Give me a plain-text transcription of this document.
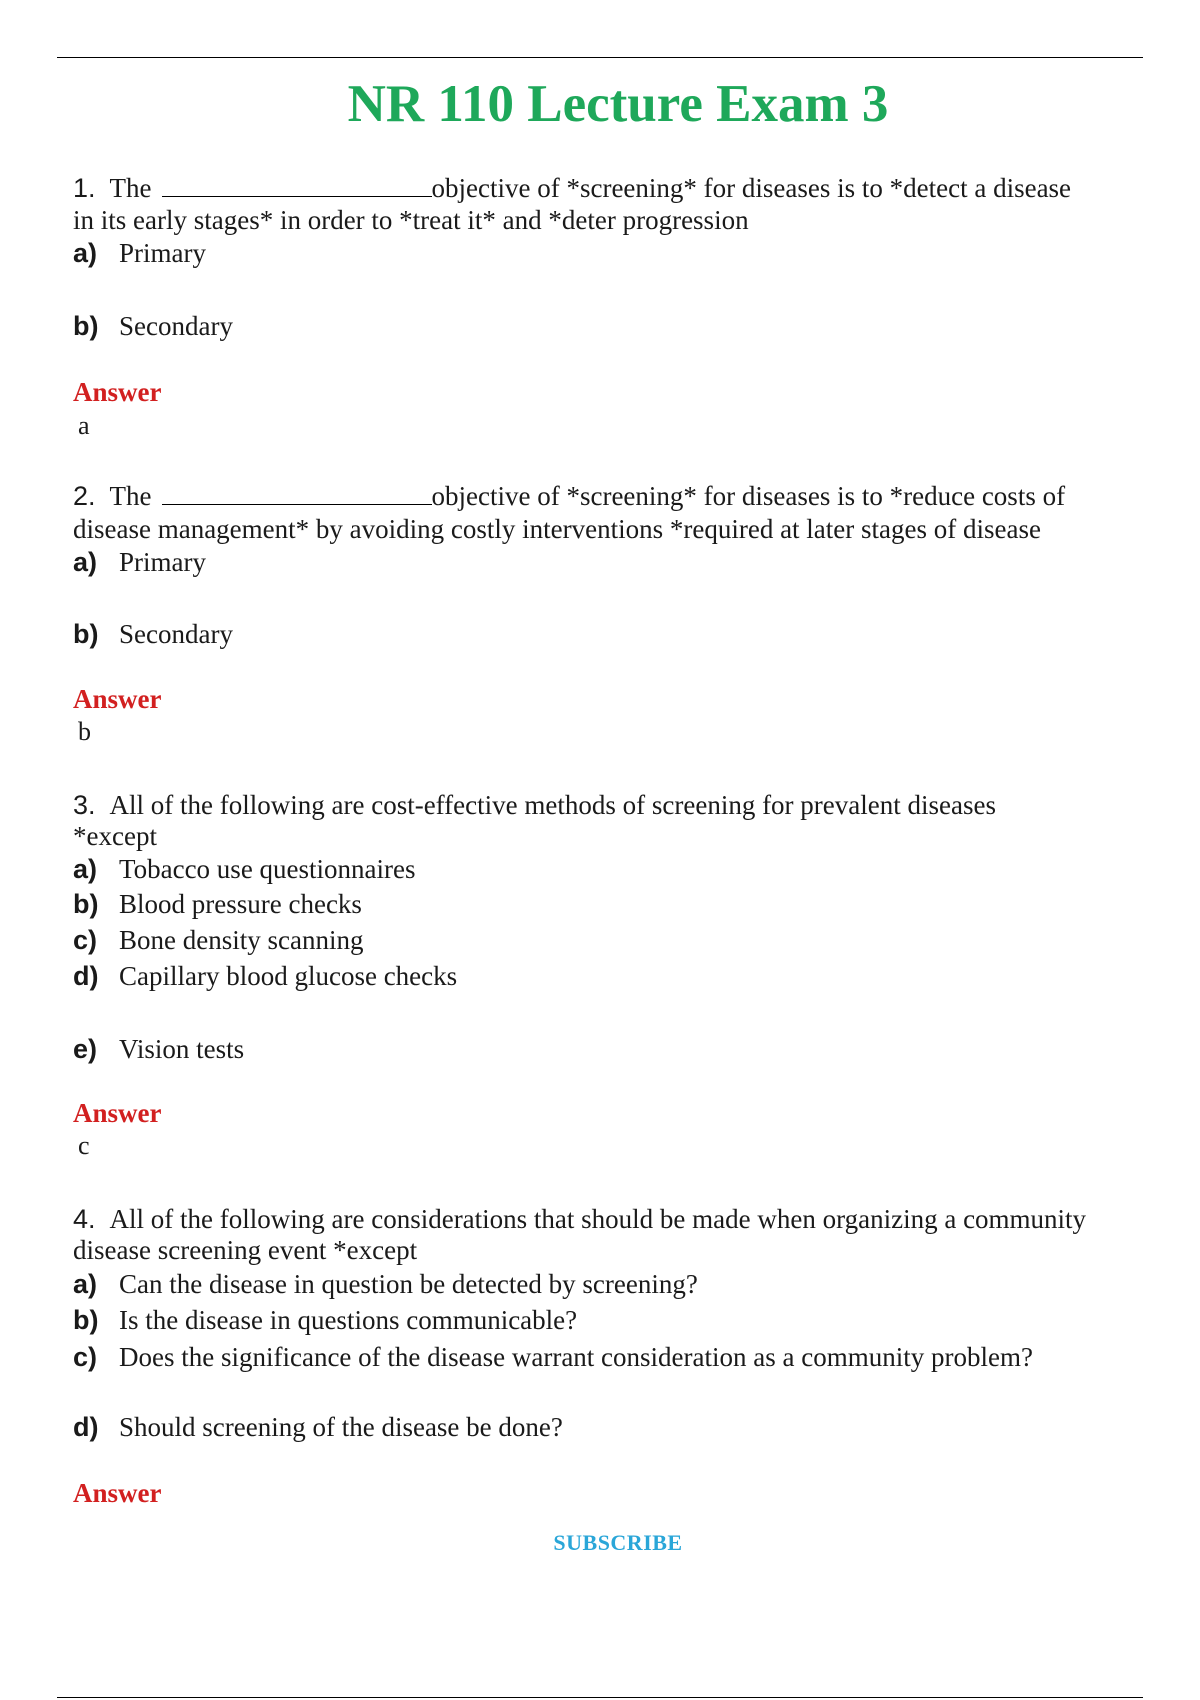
NR 110 Lecture Exam 3
1. The	objective of *screening* for diseases is to *detect a disease
in its early stages* in order to *treat it* and *deter progression
a) Primary
b) Secondary
Answer
a
2. The	objective of *screening* for diseases is to *reduce costs of
disease management* by avoiding costly interventions *required at later stages of disease
a) Primary
b) Secondary
Answer
b
3. All of the following are cost-effective methods of screening for prevalent diseases
*except
a) Tobacco use questionnaires
b) Blood pressure checks
c) Bone density scanning
d) Capillary blood glucose checks
e) Vision tests
Answer
c
4. All of the following are considerations that should be made when organizing a community
disease screening event *except
a) Can the disease in question be detected by screening?
b) Is the disease in questions communicable?
c) Does the significance of the disease warrant consideration as a community problem?
d) Should screening of the disease be done?
Answer
SUBSCRIBE
